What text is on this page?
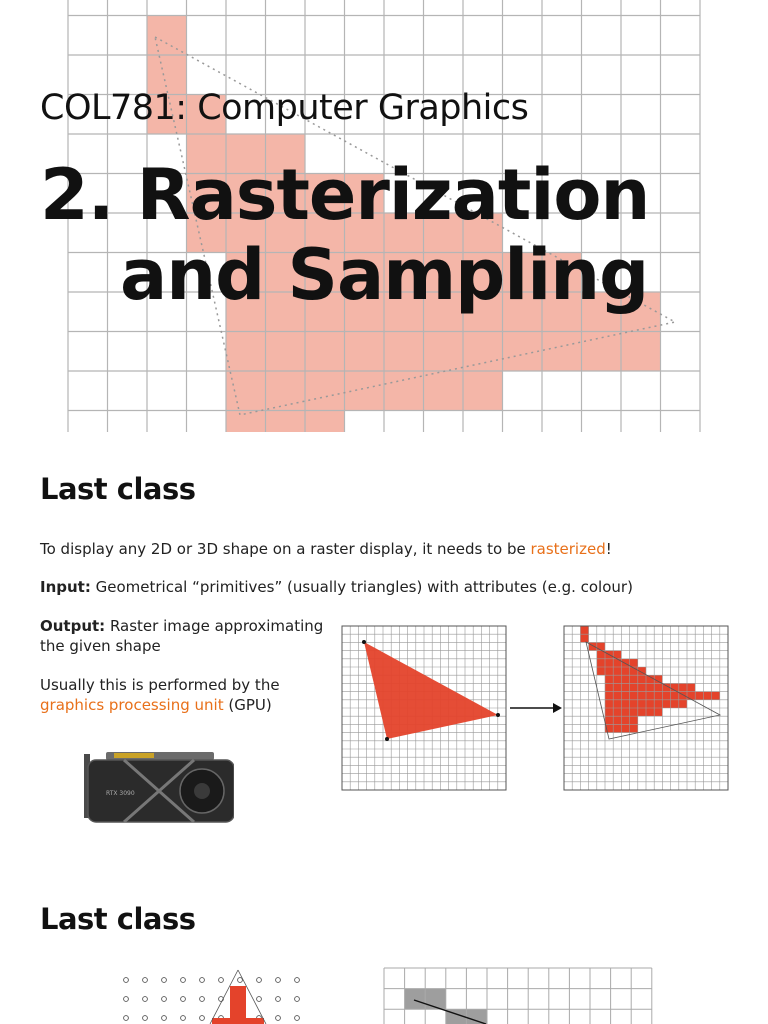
COL781: Computer Graphics
2. Rasterization
and Sampling
Last class
To display any 2D or 3D shape on a raster display, it needs to be rasterized!
Input: Geometrical “primitives” (usually triangles) with attributes (e.g. colour)
Output: Raster image approximating the given shape
Usually this is performed by the graphics processing unit (GPU)
RTX 3090
Last class
